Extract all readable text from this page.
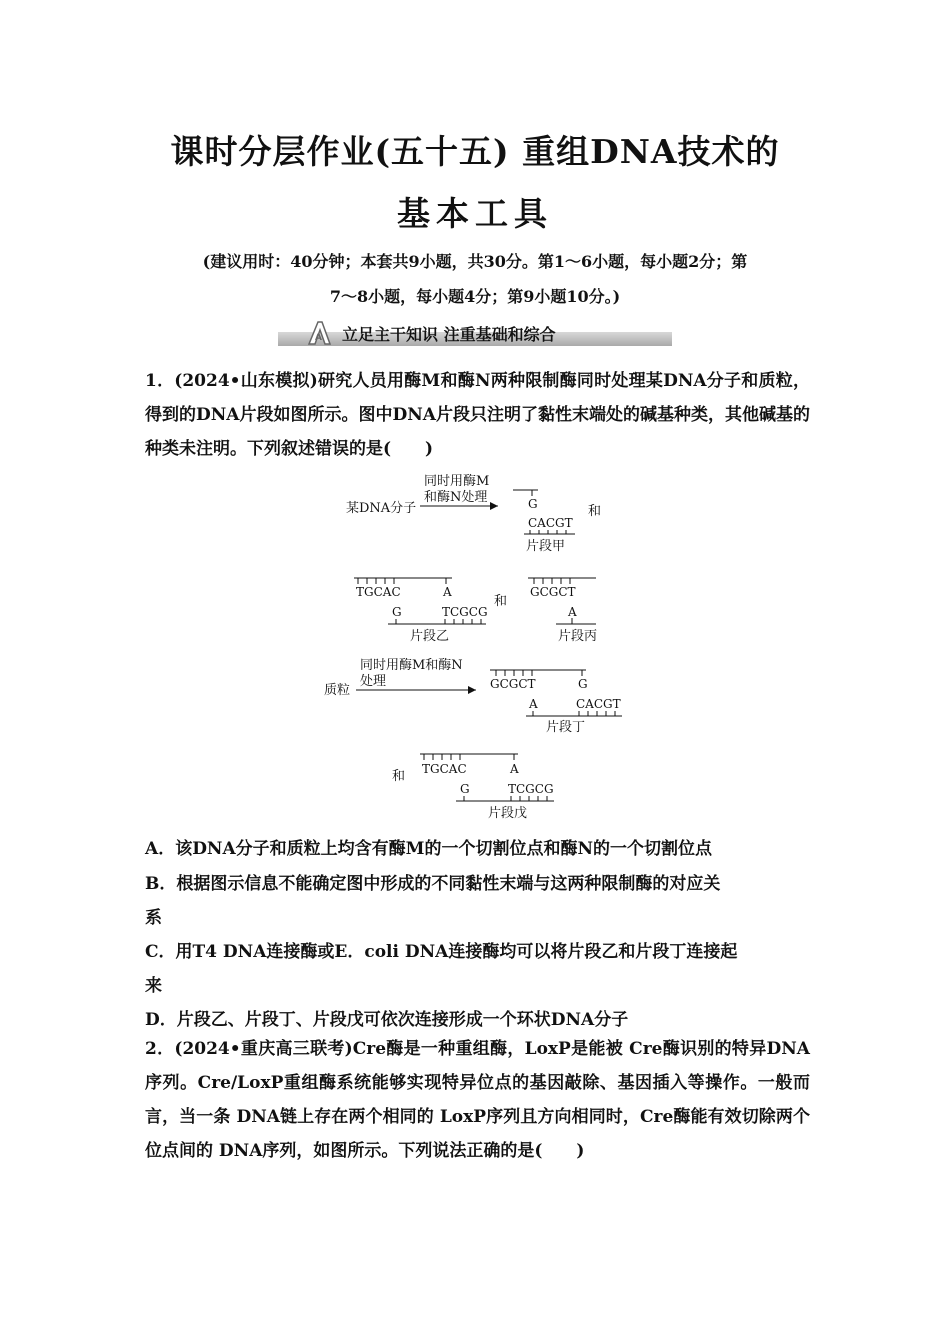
课时分层作业(五十五) 重组DNA技术的
基本工具
(建议用时：40分钟；本套共9小题，共30分。第1～6小题，每小题2分；第
7～8小题，每小题4分；第9小题10分。)
A 立足主干知识 注重基础和综合
1．(2024•山东模拟)研究人员用酶M和酶N两种限制酶同时处理某DNA分子和质粒，得到的DNA片段如图所示。图中DNA片段只注明了黏性末端处的碱基种类，其他碱基的种类未注明。下列叙述错误的是(　　)
某DNA分子
同时用酶M
和酶N处理	G
CACGT
片段甲
和
TGCAC	A
G	TCGCG
片段乙
和
GCGCT
A
片段丙
质粒
同时用酶M和酶N
处理	GCGCT	G
A	CACGT
片段丁
和 TGCAC	A
G	TCGCG
片段戊
A．该DNA分子和质粒上均含有酶M的一个切割位点和酶N的一个切割位点
B．根据图示信息不能确定图中形成的不同黏性末端与这两种限制酶的对应关
系
C．用T4 DNA连接酶或E．coli DNA连接酶均可以将片段乙和片段丁连接起
来
D．片段乙、片段丁、片段戊可依次连接形成一个环状DNA分子
2．(2024•重庆高三联考)Cre酶是一种重组酶，LoxP是能被 Cre酶识别的特异DNA序列。Cre/LoxP重组酶系统能够实现特异位点的基因敲除、基因插入等操作。一般而言，当一条 DNA链上存在两个相同的 LoxP序列且方向相同时，Cre酶能有效切除两个位点间的 DNA序列，如图所示。下列说法正确的是(　　)
